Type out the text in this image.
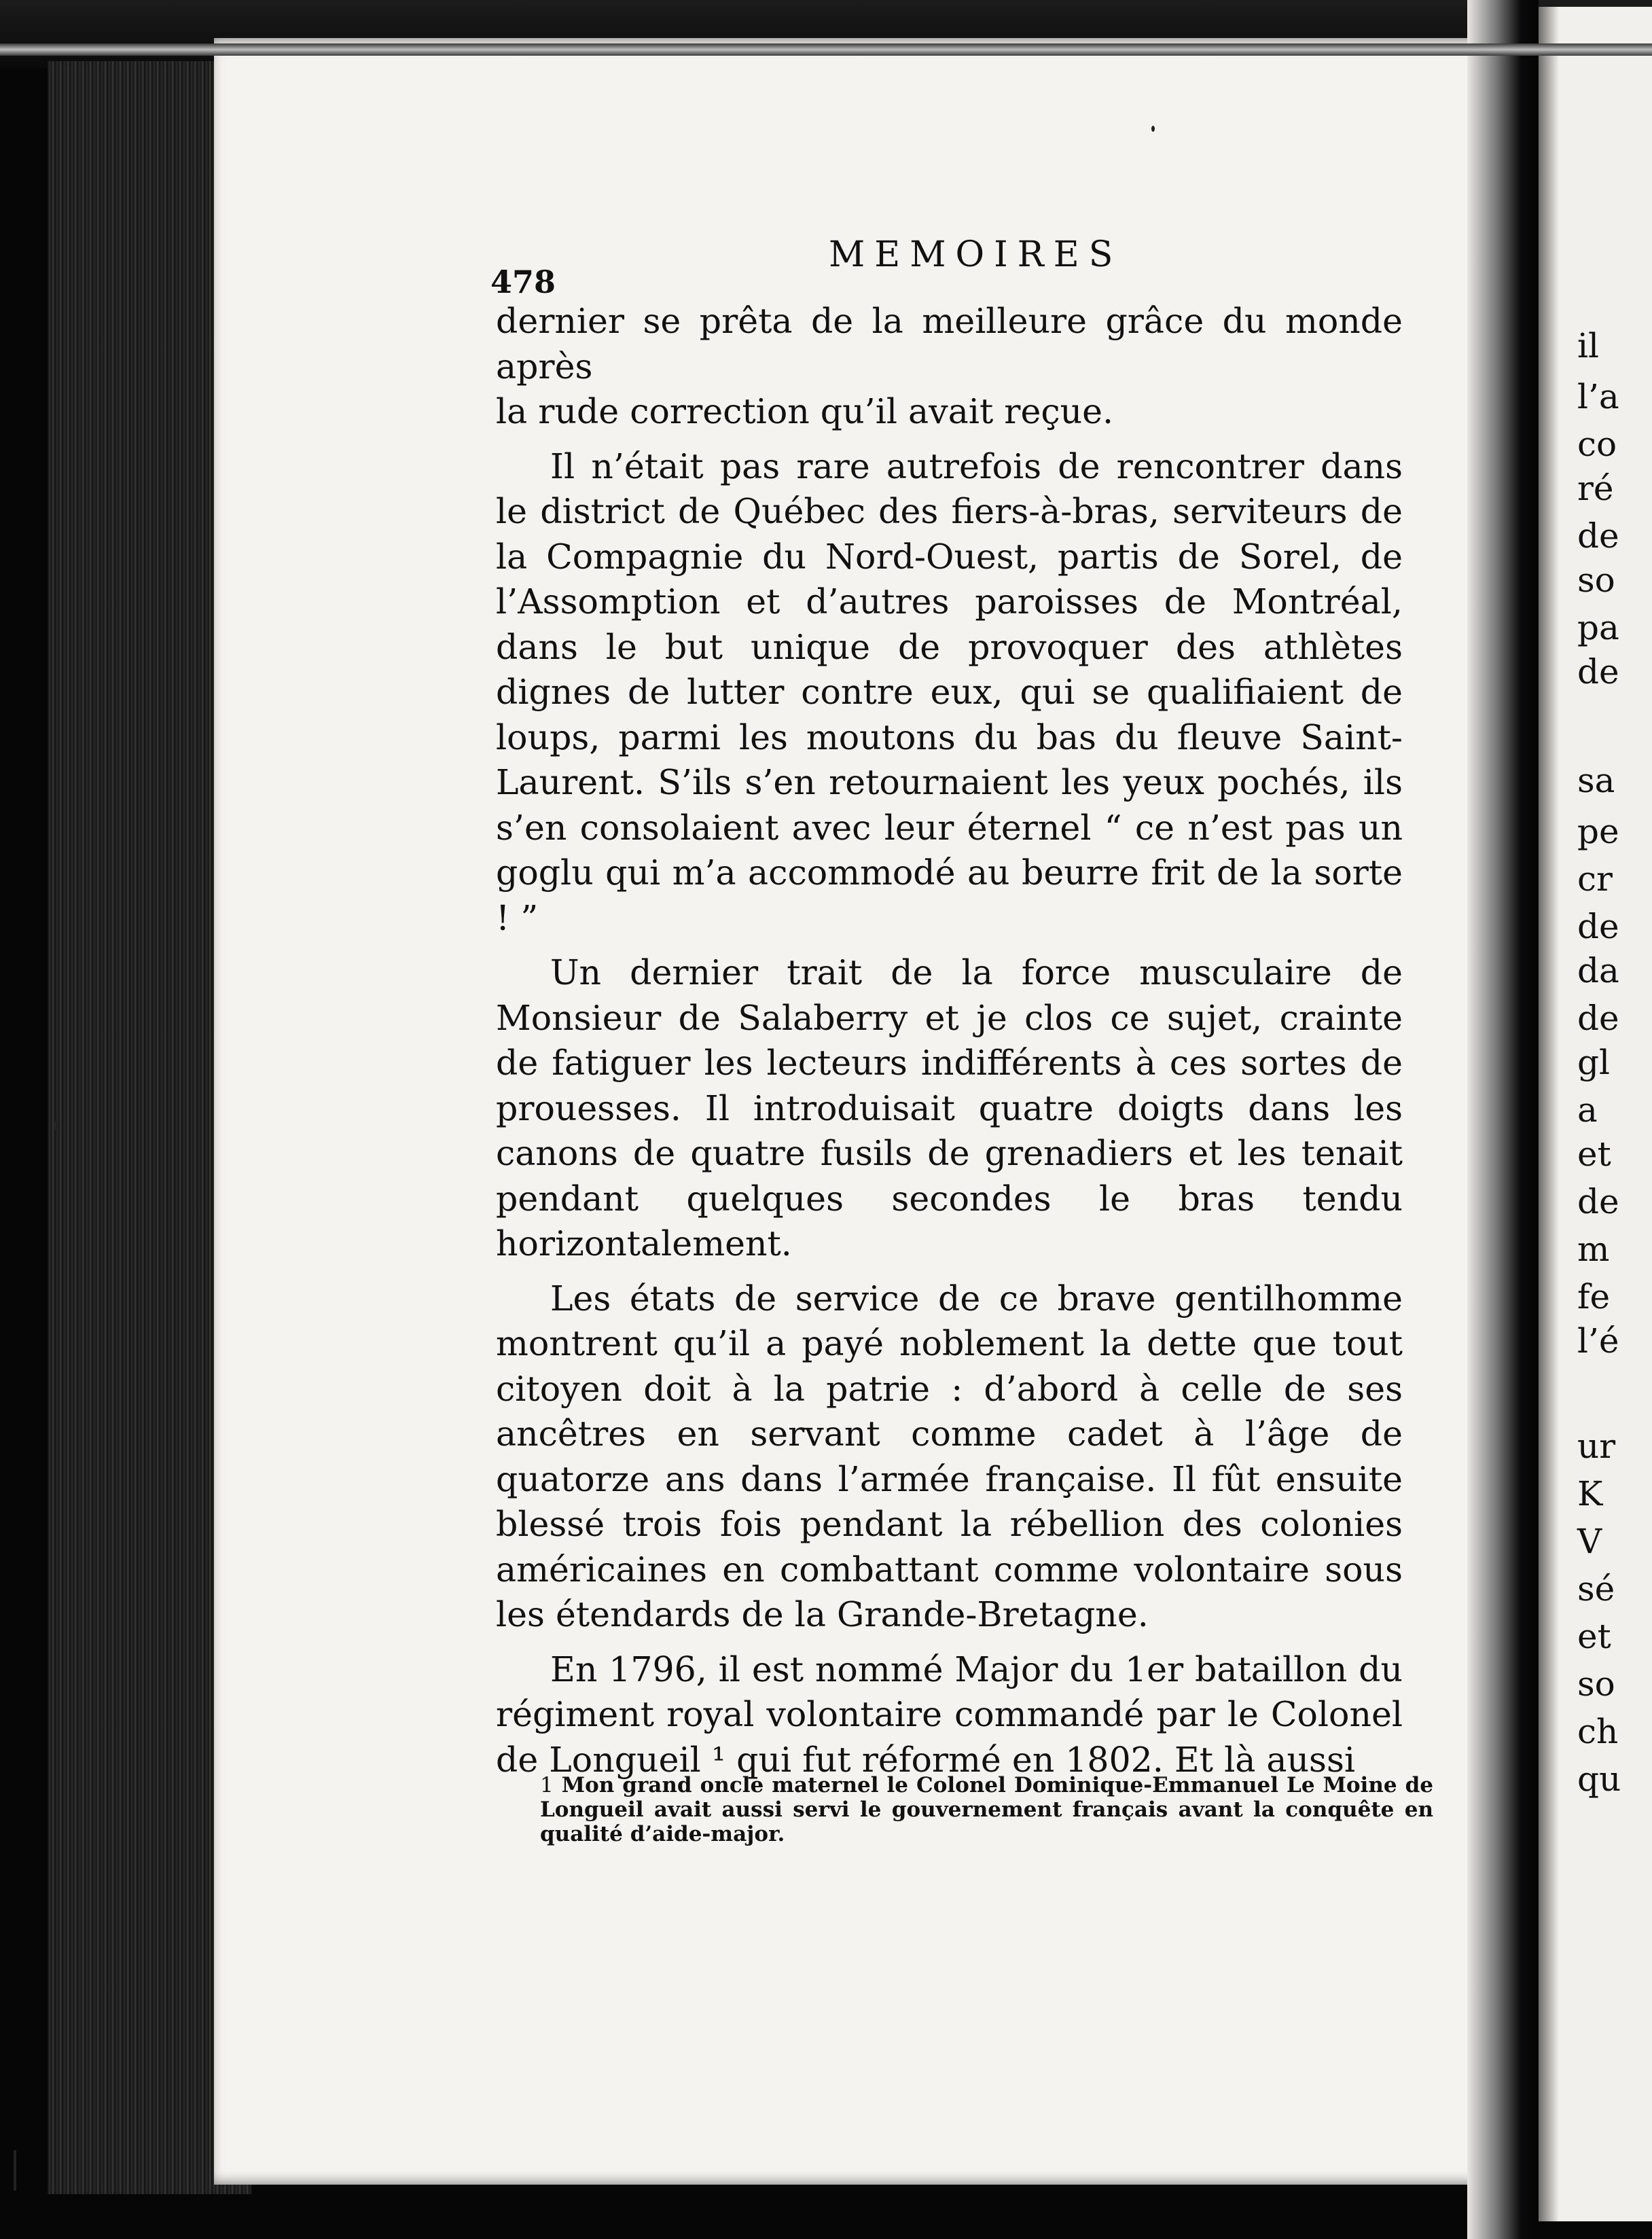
478
MEMOIRES

dernier se prêta de la meilleure grâce du monde après

la rude correction qu’il avait reçue.

Il n’était pas rare autrefois de rencontrer dans le district de Québec des fiers-à-bras, serviteurs de la Compagnie du Nord-Ouest, partis de Sorel, de l’Assomption et d’autres paroisses de Montréal, dans le but unique de provoquer des athlètes dignes de lutter contre eux, qui se qualifiaient de loups, parmi les moutons du bas du fleuve Saint-Laurent. S’ils s’en retournaient les yeux pochés, ils s’en consolaient avec leur éternel “ ce n’est pas un goglu qui m’a accommodé au beurre frit de la sorte ! ”

Un dernier trait de la force musculaire de Monsieur de Salaberry et je clos ce sujet, crainte de fatiguer les lecteurs indifférents à ces sortes de prouesses. Il introduisait quatre doigts dans les canons de quatre fusils de grenadiers et les tenait pendant quelques secondes le bras tendu horizontalement.

Les états de service de ce brave gentilhomme montrent qu’il a payé noblement la dette que tout citoyen doit à la patrie : d’abord à celle de ses ancêtres en servant comme cadet à l’âge de quatorze ans dans l’armée française. Il fût ensuite blessé trois fois pendant la rébellion des colonies américaines en combattant comme volontaire sous les étendards de la Grande-Bretagne.

En 1796, il est nommé Major du 1er bataillon du régiment royal volontaire commandé par le Colonel de Longueil ¹ qui fut réformé en 1802. Et là aussi

1 Mon grand oncle maternel le Colonel Dominique-Emmanuel Le Moine de Longueil avait aussi servi le gouvernement français avant la conquête en qualité d’aide-major.
il
l’a
co
ré
de
so
pa
de
sa
pe
cr
de
da
de
gl
a
et
de
m
fe
l’é
ur
K
V
sé
et
so
ch
qu
